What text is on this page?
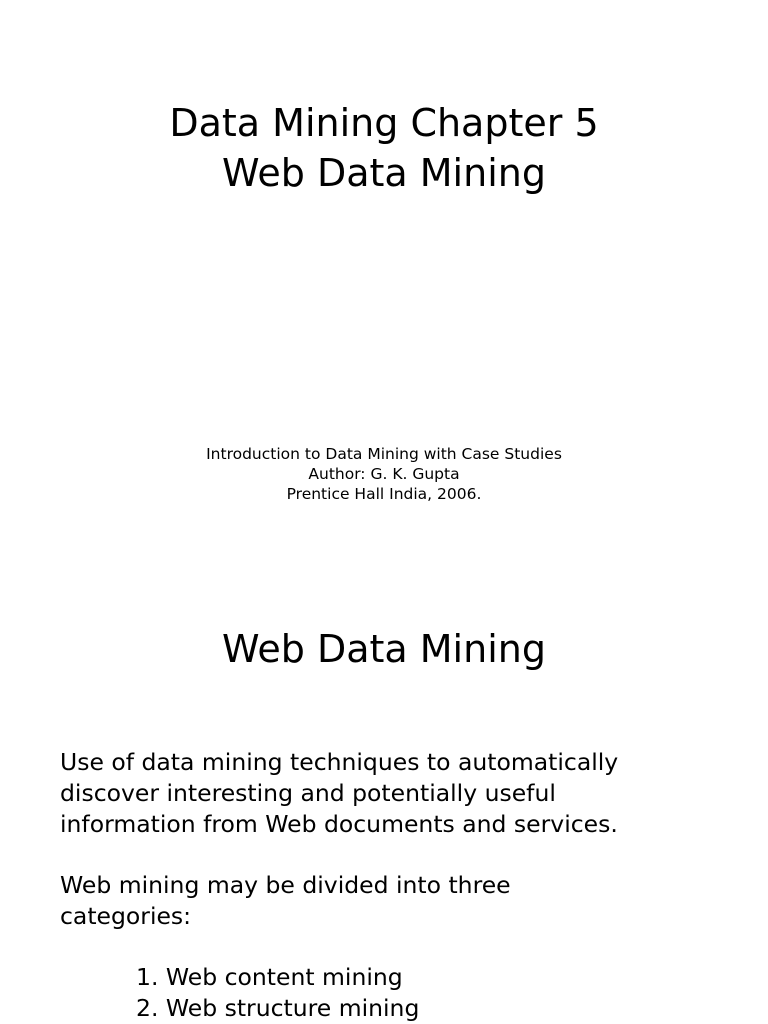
Data Mining Chapter 5
Web Data Mining
Introduction to Data Mining with Case Studies
Author: G. K. Gupta
Prentice Hall India, 2006.
Web Data Mining
Use of data mining techniques to automatically
discover interesting and potentially useful
information from Web documents and services.
Web mining may be divided into three
categories:
1. Web content mining
2. Web structure mining
